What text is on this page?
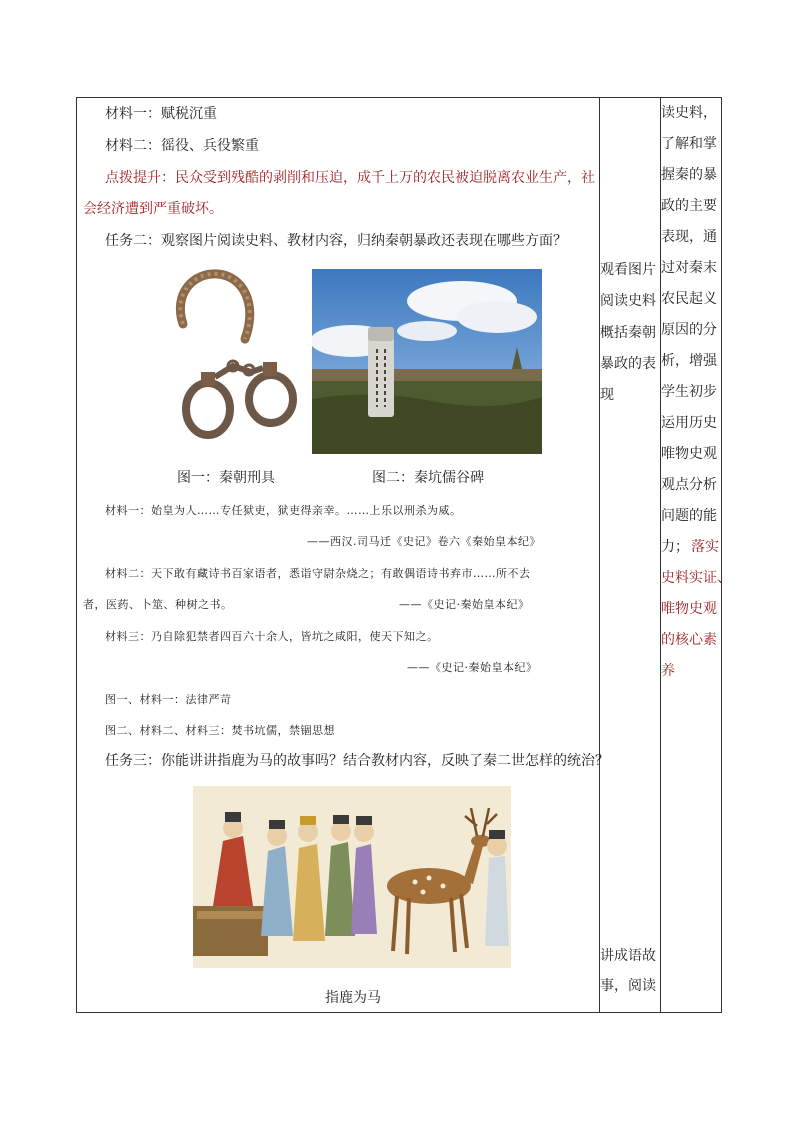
材料一：赋税沉重
材料二：徭役、兵役繁重
点拨提升：民众受到残酷的剥削和压迫，成千上万的农民被迫脱离农业生产，社
会经济遭到严重破坏。
任务二：观察图片阅读史料、教材内容，归纳秦朝暴政还表现在哪些方面？
图一：秦朝刑具	图二：秦坑儒谷碑
材料一：始皇为人……专任狱吏，狱吏得亲幸。……上乐以刑杀为威。
——西汉.司马迁《史记》卷六《秦始皇本纪》
材料二：天下敢有藏诗书百家语者，悉诣守尉杂烧之；有敢偶语诗书弃市……所不去
者，医药、卜筮、种树之书。	——《史记·秦始皇本纪》
材料三：乃自除犯禁者四百六十余人，皆坑之咸阳，使天下知之。
——《史记·秦始皇本纪》
图一、材料一：法律严苛
图二、材料二、材料三：焚书坑儒，禁锢思想
任务三：你能讲讲指鹿为马的故事吗？结合教材内容，反映了秦二世怎样的统治？
指鹿为马
观看图片
阅读史料
概括秦朝
暴政的表
现
讲成语故
事，阅读
读史料，
了解和掌
握秦的暴
政的主要
表现，通
过对秦末
农民起义
原因的分
析，增强
学生初步
运用历史
唯物史观
观点分析
问题的能
力； 落实
史料实证、
唯物史观
的核心素
养
